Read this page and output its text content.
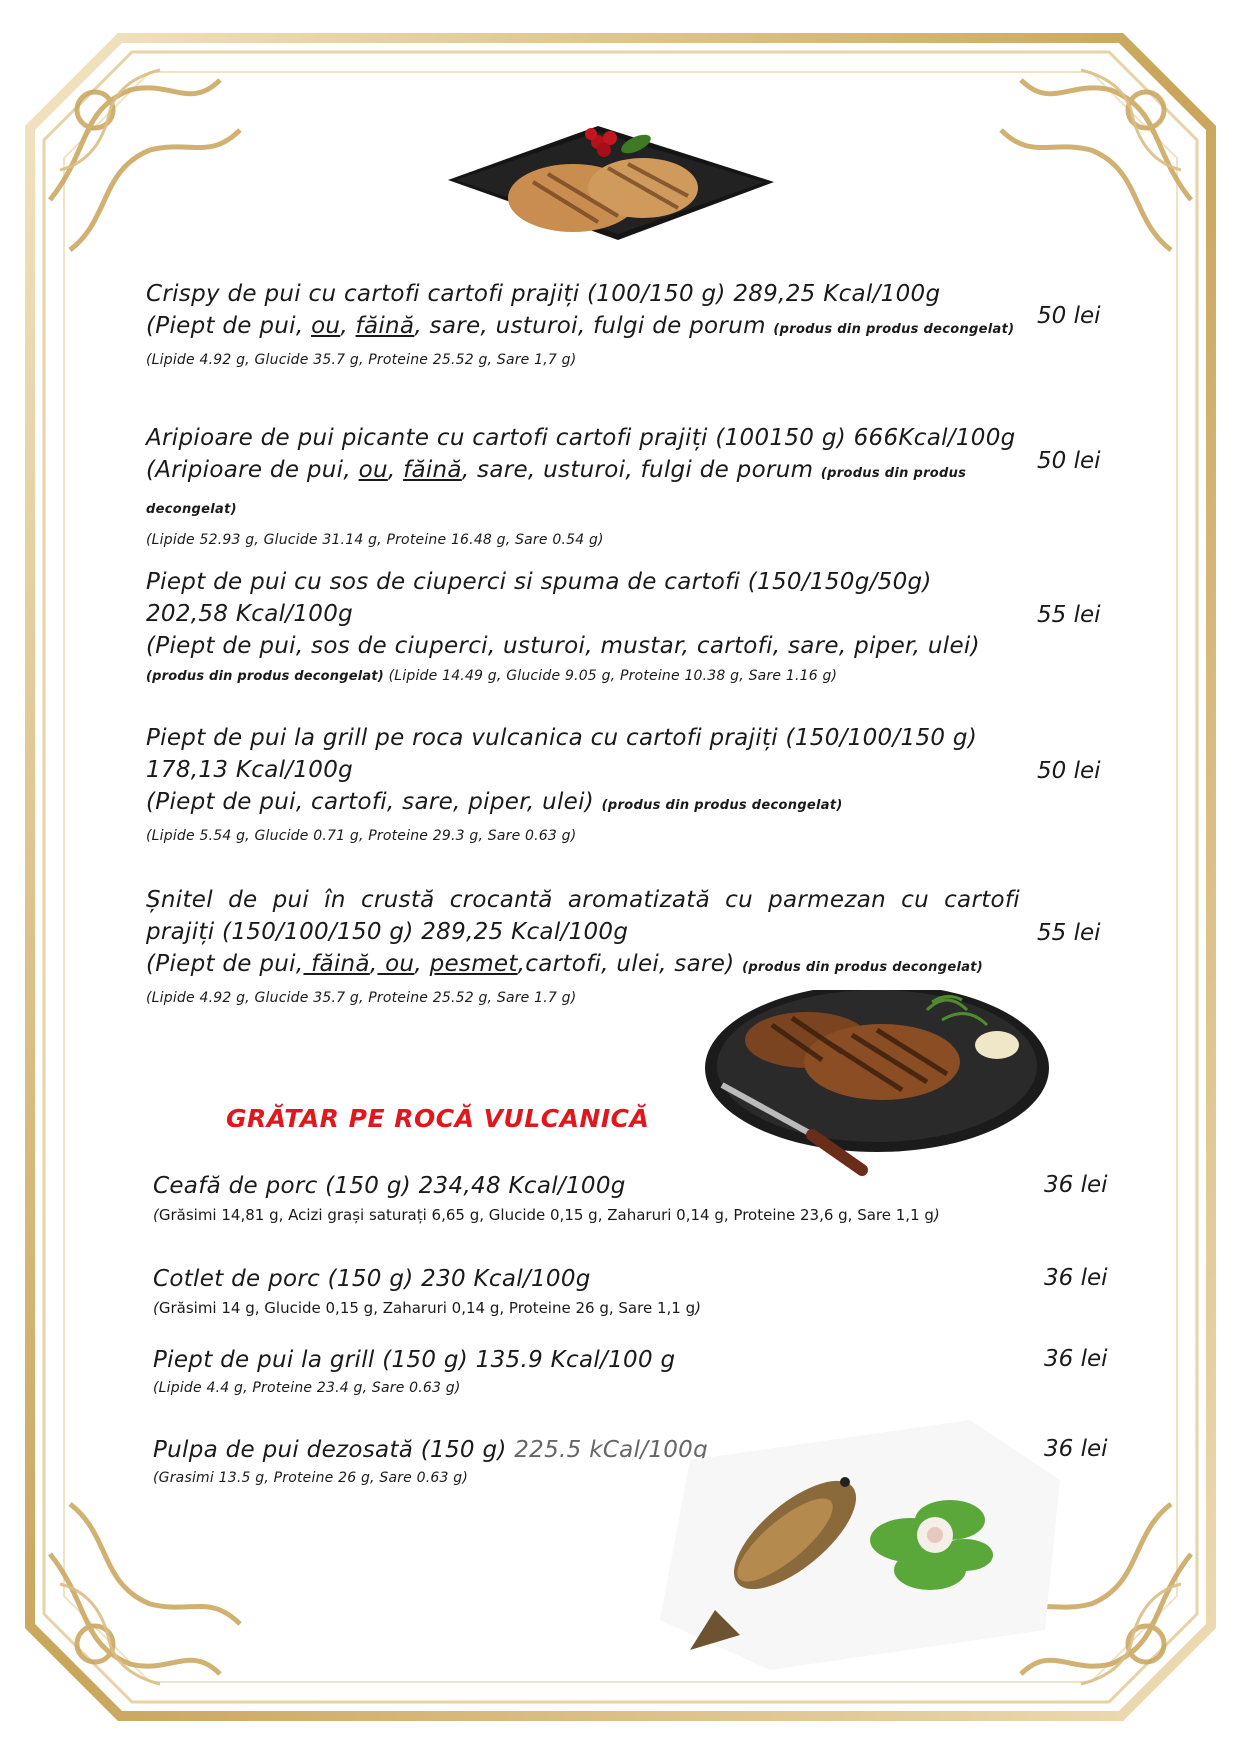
Crispy de pui cu cartofi cartofi prajiți (100/150 g) 289,25 Kcal/100g
(Piept de pui, ou, făină, sare, usturoi, fulgi de porum (produs din produs decongelat)
(Lipide 4.92 g, Glucide 35.7 g, Proteine 25.52 g, Sare 1,7 g)
50 lei
Aripioare de pui picante cu cartofi cartofi prajiți (100150 g) 666Kcal/100g
(Aripioare de pui, ou, făină, sare, usturoi, fulgi de porum (produs din produs decongelat)
(Lipide 52.93 g, Glucide 31.14 g, Proteine 16.48 g, Sare 0.54 g)
50 lei
Piept de pui cu sos de ciuperci si spuma de cartofi (150/150g/50g) 202,58 Kcal/100g
(Piept de pui, sos de ciuperci, usturoi, mustar, cartofi, sare, piper, ulei)
(produs din produs decongelat) (Lipide 14.49 g, Glucide 9.05 g, Proteine 10.38 g, Sare 1.16 g)
55 lei
Piept de pui la grill pe roca vulcanica cu cartofi prajiți (150/100/150 g) 178,13 Kcal/100g
(Piept de pui, cartofi, sare, piper, ulei) (produs din produs decongelat)
(Lipide 5.54 g, Glucide 0.71 g, Proteine 29.3 g, Sare 0.63 g)
50 lei
Șnitel de pui în crustă crocantă aromatizată cu parmezan cu cartofi prajiți (150/100/150 g) 289,25 Kcal/100g
(Piept de pui, făină, ou, pesmet,cartofi, ulei, sare) (produs din produs decongelat)
(Lipide 4.92 g, Glucide 35.7 g, Proteine 25.52 g, Sare 1.7 g)
55 lei
GRĂTAR PE ROCĂ VULCANICĂ
Ceafă de porc (150 g) 234,48 Kcal/100g
(Grăsimi 14,81 g, Acizi grași saturați 6,65 g, Glucide 0,15 g, Zaharuri 0,14 g, Proteine 23,6 g, Sare 1,1 g)
36 lei
Cotlet de porc (150 g) 230 Kcal/100g
(Grăsimi 14 g, Glucide 0,15 g, Zaharuri 0,14 g, Proteine 26 g, Sare 1,1 g)
36 lei
Piept de pui la grill (150 g) 135.9 Kcal/100 g
(Lipide 4.4 g, Proteine 23.4 g, Sare 0.63 g)
36 lei
Pulpa de pui dezosată (150 g) 225.5 kCal/100g
(Grasimi 13.5 g, Proteine 26 g, Sare 0.63 g)
36 lei
